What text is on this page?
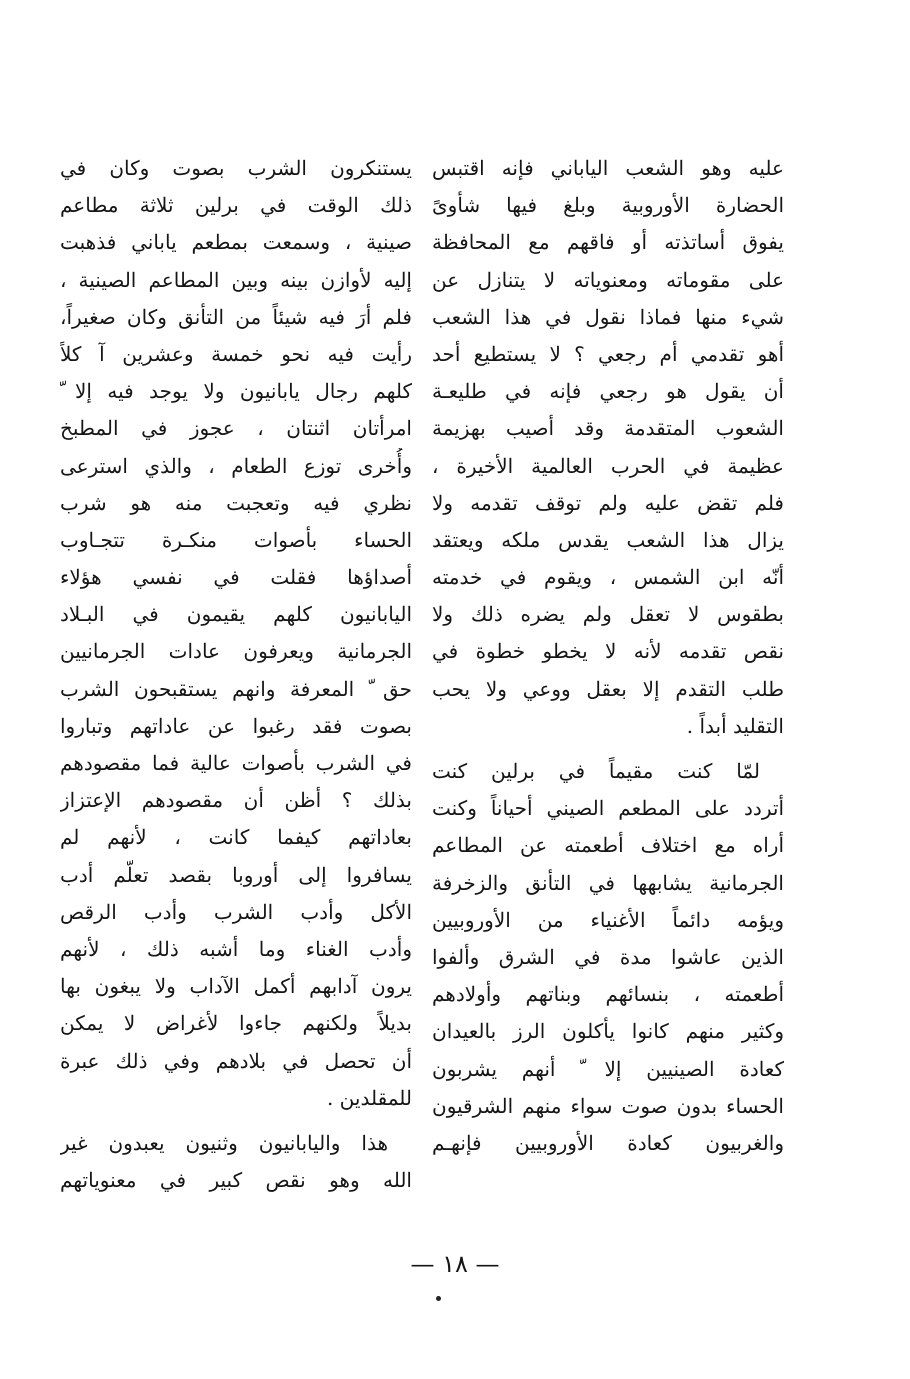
عليه وهو الشعب الياباني فإنه اقتبس
الحضارة الأوروبية وبلغ فيها شأوىً
يفوق أساتذته أو فاقهم مع المحافظة
على مقوماته ومعنوياته لا يتنازل عن
شيء منها فماذا نقول في هذا الشعب
أهو تقدمي أم رجعي ؟ لا يستطيع أحد
أن يقول هو رجعي فإنه في طليعـة
الشعوب المتقدمة وقد أصيب بهزيمة
عظيمة في الحرب العالمية الأخيرة ،
فلم تقض عليه ولم توقف تقدمه ولا
يزال هذا الشعب يقدس ملكه ويعتقد
أنّه ابن الشمس ، ويقوم في خدمته
بطقوس لا تعقل ولم يضره ذلك ولا
نقص تقدمه لأنه لا يخطو خطوة في
طلب التقدم إلا بعقل ووعي ولا يحب
التقليد أبداً .
لمّا كنت مقيماً في برلين كنت
أتردد على المطعم الصيني أحياناً وكنت
أراه مع اختلاف أطعمته عن المطاعم
الجرمانية يشابهها في التأنق والزخرفة
ويؤمه دائماً الأغنياء من الأوروبيين
الذين عاشوا مدة في الشرق وألفوا
أطعمته ، بنسائهم وبناتهم وأولادهم
وكثير منهم كانوا يأكلون الرز بالعيدان
كعادة الصينيين إلا ّ أنهم يشربون
الحساء بدون صوت سواء منهم الشرقيون
والغربيون كعادة الأوروبيين فإنهـم
يستنكرون الشرب بصوت وكان في
ذلك الوقت في برلين ثلاثة مطاعم
صينية ، وسمعت بمطعم ياباني فذهبت
إليه لأوازن بينه وبين المطاعم الصينية ،
فلم أرَ فيه شيئاً من التأنق وكان صغيراً،
رأيت فيه نحو خمسة وعشرين آ كلاً
كلهم رجال يابانيون ولا يوجد فيه إلا ّ
امرأتان اثنتان ، عجوز في المطبخ
وأُخرى توزع الطعام ، والذي استرعى
نظري فيه وتعجبت منه هو شرب
الحساء بأصوات منكـرة تتجـاوب
أصداؤها فقلت في نفسي هؤلاء
اليابانيون كلهم يقيمون في البـلاد
الجرمانية ويعرفون عادات الجرمانيين
حق ّ المعرفة وانهم يستقبحون الشرب
بصوت فقد رغبوا عن عاداتهم وتباروا
في الشرب بأصوات عالية فما مقصودهم
بذلك ؟ أظن أن مقصودهم الإعتزاز
بعاداتهم كيفما كانت ، لأنهم لم
يسافروا إلى أوروبا بقصد تعلّم أدب
الأكل وأدب الشرب وأدب الرقص
وأدب الغناء وما أشبه ذلك ، لأنهم
يرون آدابهم أكمل الآداب ولا يبغون بها
بديلاً ولكنهم جاءوا لأغراض لا يمكن
أن تحصل في بلادهم وفي ذلك عبرة
للمقلدين .
هذا واليابانيون وثنيون يعبدون غير
الله وهو نقص كبير في معنوياتهم
— ١٨ —
